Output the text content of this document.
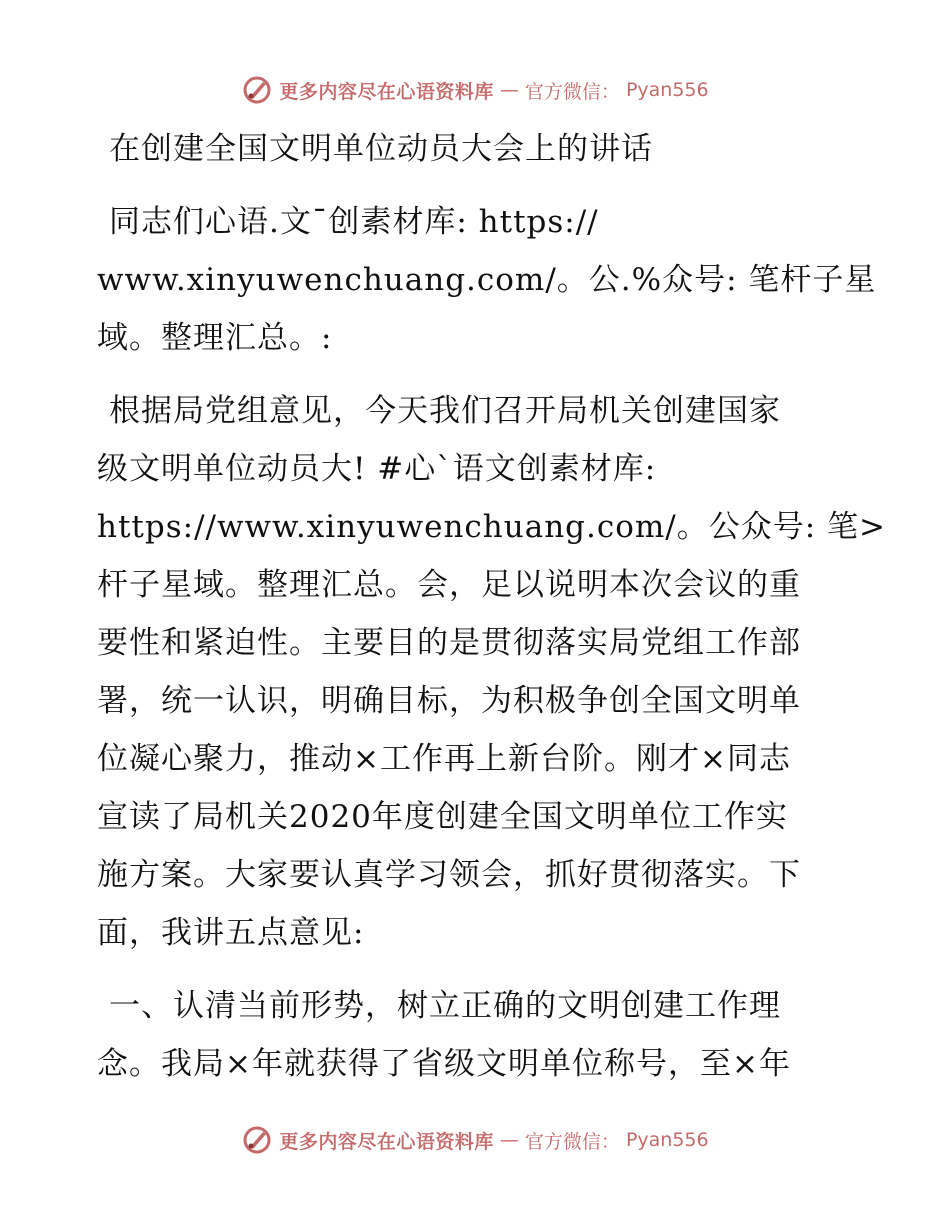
更多内容尽在心语资料库 — 官方微信： Pyan556
在创建全国文明单位动员大会上的讲话
同志们心语.文¯创素材库: https://
www.xinyuwenchuang.com/。公.%众号: 笔杆子星
域。整理汇总。:
根据局党组意见，今天我们召开局机关创建国家
级文明单位动员大! #心`语文创素材库:
https://www.xinyuwenchuang.com/。公众号: 笔>
杆子星域。整理汇总。会，足以说明本次会议的重
要性和紧迫性。主要目的是贯彻落实局党组工作部
署，统一认识，明确目标，为积极争创全国文明单
位凝心聚力，推动×工作再上新台阶。刚才×同志
宣读了局机关2020年度创建全国文明单位工作实
施方案。大家要认真学习领会，抓好贯彻落实。下
面，我讲五点意见:
一、认清当前形势，树立正确的文明创建工作理
念。我局×年就获得了省级文明单位称号，至×年
更多内容尽在心语资料库 — 官方微信： Pyan556
